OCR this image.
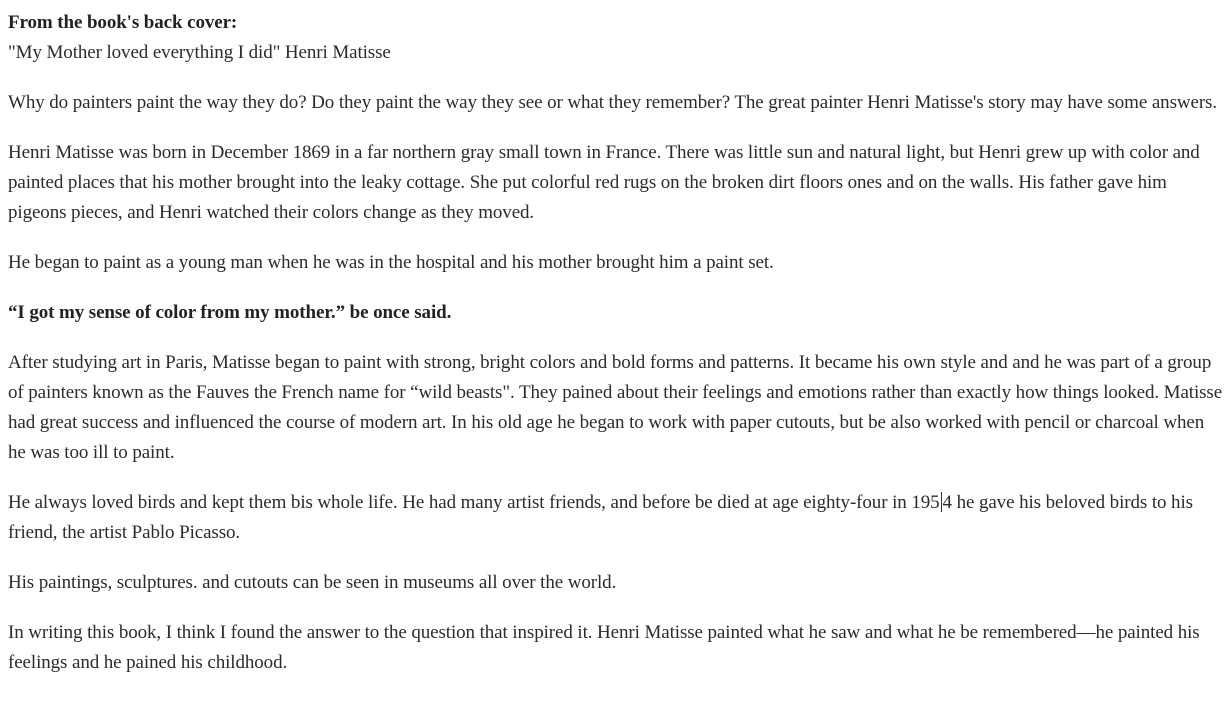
From the book's back cover:

"My Mother loved everything I did" Henri Matisse

Why do painters paint the way they do? Do they paint the way they see or what they remember? The great painter Henri Matisse's story may have some answers.

Henri Matisse was born in December 1869 in a far northern gray small town in France. There was little sun and natural light, but Henri grew up with color and painted places that his mother brought into the leaky cottage. She put colorful red rugs on the broken dirt floors ones and on the walls. His father gave him pigeons pieces, and Henri watched their colors change as they moved.

He began to paint as a young man when he was in the hospital and his mother brought him a paint set.

“I got my sense of color from my mother.” be once said.

After studying art in Paris, Matisse began to paint with strong, bright colors and bold forms and patterns. It became his own style and and he was part of a group of painters known as the Fauves the French name for “wild beasts". They pained about their feelings and emotions rather than exactly how things looked. Matisse had great success and influenced the course of modern art. In his old age he began to work with paper cutouts, but be also worked with pencil or charcoal when he was too ill to paint.

He always loved birds and kept them bis whole life. He had many artist friends, and before be died at age eighty-four in 195 4 he gave his beloved birds to his friend, the artist Pablo Picasso.

His paintings, sculptures. and cutouts can be seen in museums all over the world.

In writing this book, I think I found the answer to the question that inspired it. Henri Matisse painted what he saw and what he be remembered—he painted his feelings and he pained his childhood.
